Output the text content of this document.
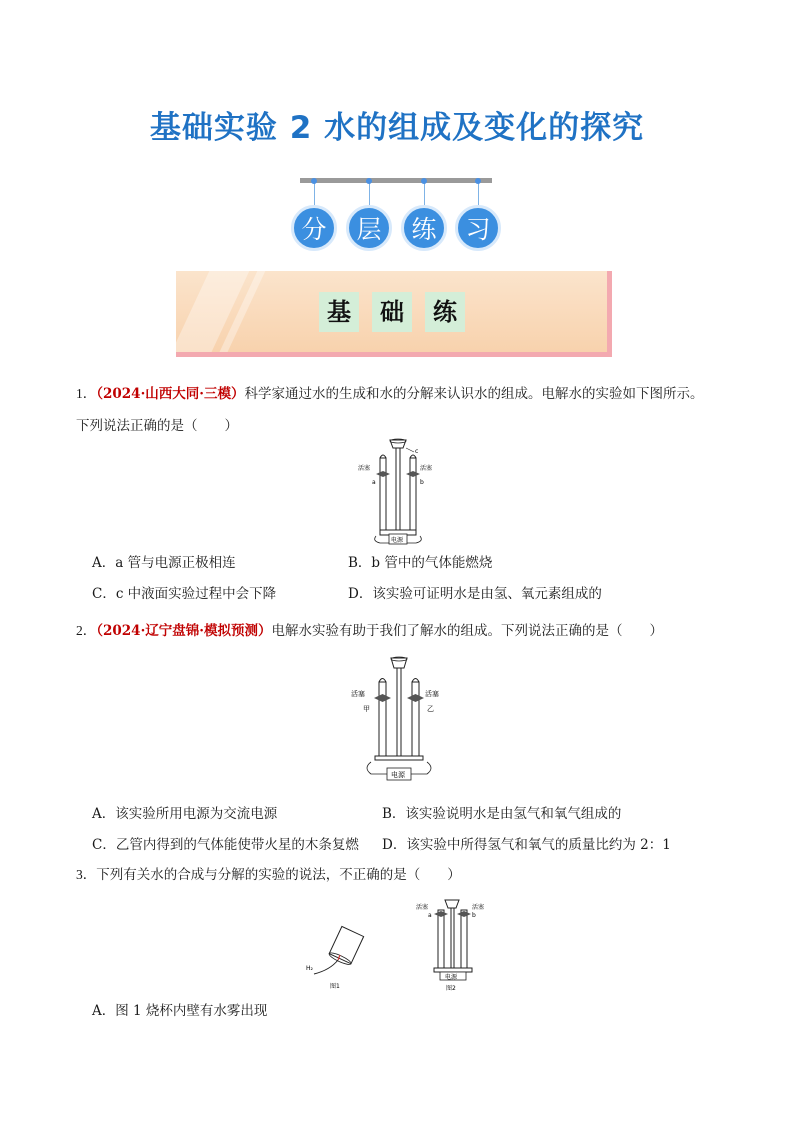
基础实验 2 水的组成及变化的探究
分	层	练	习
基	础	练
1．（2024·山西大同·三模）科学家通过水的生成和水的分解来认识水的组成。电解水的实验如下图所示。
下列说法正确的是（　　）
电源
活塞	活塞
a	b
c
A．a 管与电源正极相连	B．b 管中的气体能燃烧
C．c 中液面实验过程中会下降	D．该实验可证明水是由氢、氧元素组成的
2．（2024·辽宁盘锦·模拟预测）电解水实验有助于我们了解水的组成。下列说法正确的是（　　）
电源
活塞	活塞
甲	乙
A．该实验所用电源为交流电源	B．该实验说明水是由氢气和氧气组成的
C．乙管内得到的气体能使带火星的木条复燃 D．该实验中所得氢气和氧气的质量比约为 2：1
3．下列有关水的合成与分解的实验的说法，不正确的是（　　）
H₂
图1
电源
活塞	活塞
a	b
图2
A．图 1 烧杯内壁有水雾出现
